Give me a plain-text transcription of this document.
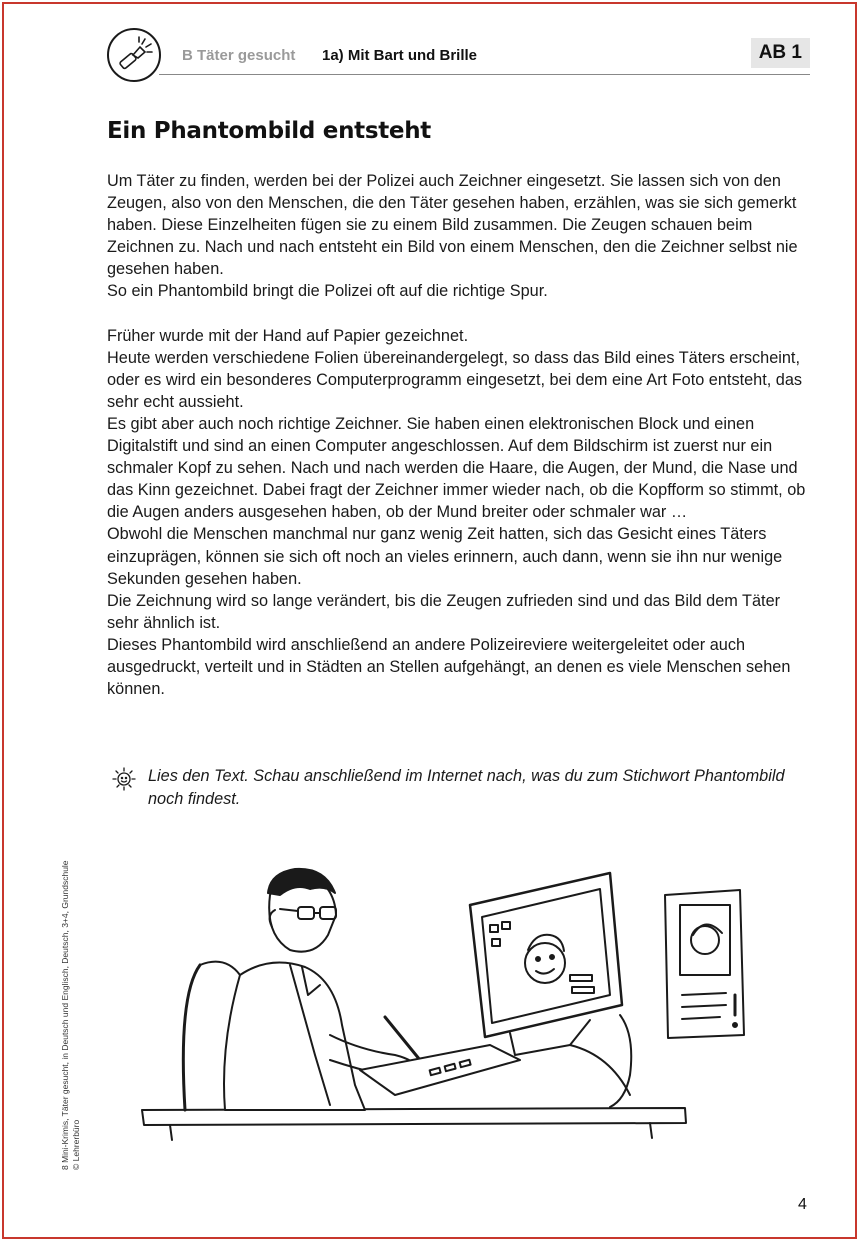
B Täter gesucht 1a) Mit Bart und Brille	AB 1
Ein Phantombild entsteht

Um Täter zu finden, werden bei der Polizei auch Zeichner eingesetzt. Sie lassen sich von den Zeugen, also von den Menschen, die den Täter gesehen haben, erzählen, was sie sich gemerkt haben. Diese Einzelheiten fügen sie zu einem Bild zusammen. Die Zeugen schauen beim Zeichnen zu. Nach und nach entsteht ein Bild von einem Menschen, den die Zeichner selbst nie gesehen haben.

So ein Phantombild bringt die Polizei oft auf die richtige Spur.

Früher wurde mit der Hand auf Papier gezeichnet.

Heute werden verschiedene Folien übereinandergelegt, so dass das Bild eines Täters erscheint, oder es wird ein besonderes Computerprogramm eingesetzt, bei dem eine Art Foto entsteht, das sehr echt aussieht.

Es gibt aber auch noch richtige Zeichner. Sie haben einen elektronischen Block und einen Digitalstift und sind an einen Computer angeschlossen. Auf dem Bildschirm ist zuerst nur ein schmaler Kopf zu sehen. Nach und nach werden die Haare, die Augen, der Mund, die Nase und das Kinn gezeichnet. Dabei fragt der Zeichner immer wieder nach, ob die Kopfform so stimmt, ob die Augen anders ausgesehen haben, ob der Mund breiter oder schmaler war …

Obwohl die Menschen manchmal nur ganz wenig Zeit hatten, sich das Gesicht eines Täters einzuprägen, können sie sich oft noch an vieles erinnern, auch dann, wenn sie ihn nur wenige Sekunden gesehen haben.

Die Zeichnung wird so lange verändert, bis die Zeugen zufrieden sind und das Bild dem Täter sehr ähnlich ist.

Dieses Phantombild wird anschließend an andere Polizeireviere weitergeleitet oder auch ausgedruckt, verteilt und in Städten an Stellen aufgehängt, an denen es viele Menschen sehen können.

Lies den Text. Schau anschließend im Internet nach, was du zum Stichwort Phantombild noch findest.
8 Mini-Krimis, Täter gesucht, in Deutsch und Englisch, Deutsch, 3+4, Grundschule © Lehrerbüro
4
